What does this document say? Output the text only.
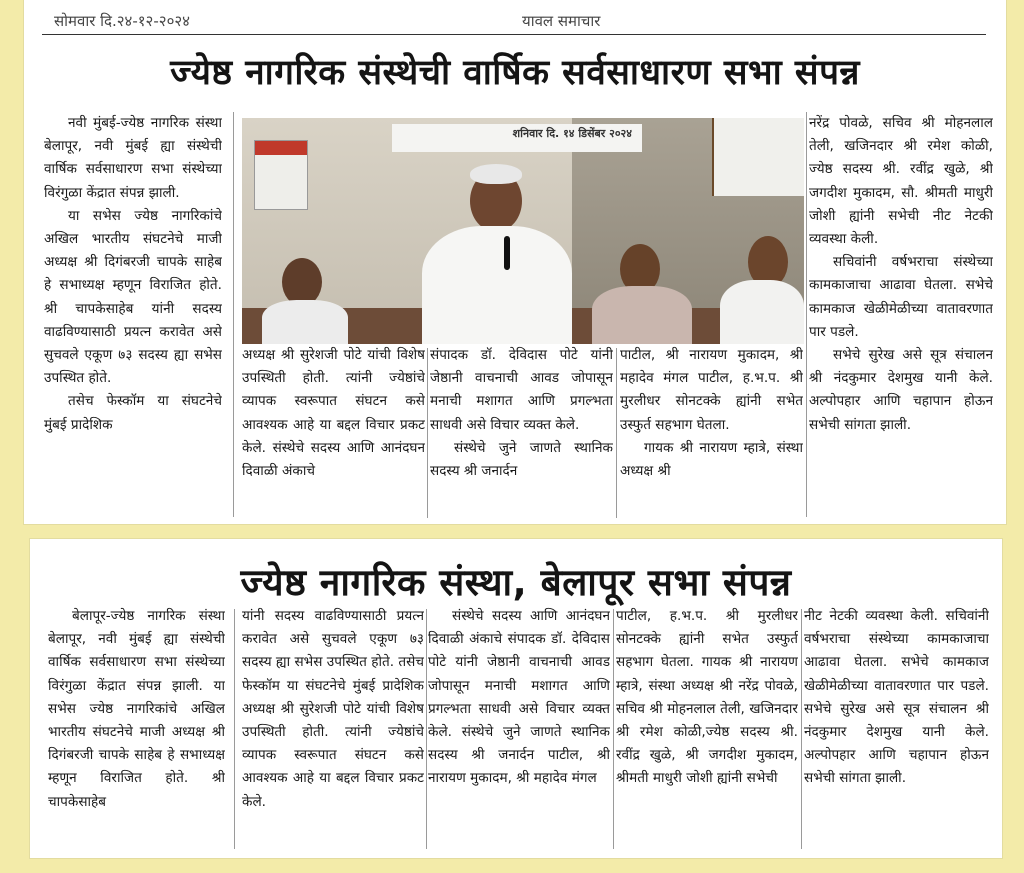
सोमवार दि.२४-१२-२०२४	यावल समाचार
ज्येष्ठ नागरिक संस्थेची वार्षिक सर्वसाधारण सभा संपन्न

नवी मुंबई-ज्येष्ठ नागरिक संस्था बेलापूर, नवी मुंबई ह्या संस्थेची वार्षिक सर्वसाधारण सभा संस्थेच्या विरंगुळा केंद्रात संपन्न झाली.

या सभेस ज्येष्ठ नागरिकांचे अखिल भारतीय संघटनेचे माजी अध्यक्ष श्री दिगंबरजी चापके साहेब हे सभाध्यक्ष म्हणून विराजित होते. श्री चापकेसाहेब यांनी सदस्य वाढविण्यासाठी प्रयत्न करावेत असे सुचवले एकूण ७३ सदस्य ह्या सभेस उपस्थित होते.

तसेच फेस्कॉम या संघटनेचे मुंबई प्रादेशिक

शनिवार दि. १४ डिसेंबर २०२४

अध्यक्ष श्री सुरेशजी पोटे यांची विशेष उपस्थिती होती. त्यांनी ज्येष्ठांचे व्यापक स्वरूपात संघटन कसे आवश्यक आहे या बद्दल विचार प्रकट केले. संस्थेचे सदस्य आणि आनंदघन दिवाळी अंकाचे

संपादक डॉ. देविदास पोटे यांनी जेष्ठानी वाचनाची आवड जोपासून मनाची मशागत आणि प्रगल्भता साधवी असे विचार व्यक्त केले.

संस्थेचे जुने जाणते स्थानिक सदस्य श्री जनार्दन

पाटील, श्री नारायण मुकादम, श्री महादेव मंगल पाटील, ह.भ.प. श्री मुरलीधर सोनटक्के ह्यांनी सभेत उस्फुर्त सहभाग घेतला.

गायक श्री नारायण म्हात्रे, संस्था अध्यक्ष श्री

नरेंद्र पोवळे, सचिव श्री मोहनलाल तेली, खजिनदार श्री रमेश कोळी, ज्येष्ठ सदस्य श्री. रवींद्र खुळे, श्री जगदीश मुकादम, सौ. श्रीमती माधुरी जोशी ह्यांनी सभेची नीट नेटकी व्यवस्था केली.

सचिवांनी वर्षभराचा संस्थेच्या कामकाजाचा आढावा घेतला. सभेचे कामकाज खेळीमेळीच्या वातावरणात पार पडले.

सभेचे सुरेख असे सूत्र संचालन श्री नंदकुमार देशमुख यानी केले. अल्पोपहार आणि चहापान होऊन सभेची सांगता झाली.

ज्येष्ठ नागरिक संस्था, बेलापूर सभा संपन्न

बेलापूर-ज्येष्ठ नागरिक संस्था बेलापूर, नवी मुंबई ह्या संस्थेची वार्षिक सर्वसाधारण सभा संस्थेच्या विरंगुळा केंद्रात संपन्न झाली. या सभेस ज्येष्ठ नागरिकांचे अखिल भारतीय संघटनेचे माजी अध्यक्ष श्री दिगंबरजी चापके साहेब हे सभाध्यक्ष म्हणून विराजित होते. श्री चापकेसाहेब

यांनी सदस्य वाढविण्यासाठी प्रयत्न करावेत असे सुचवले एकूण ७३ सदस्य ह्या सभेस उपस्थित होते. तसेच फेस्कॉम या संघटनेचे मुंबई प्रादेशिक अध्यक्ष श्री सुरेशजी पोटे यांची विशेष उपस्थिती होती. त्यांनी ज्येष्ठांचे व्यापक स्वरूपात संघटन कसे आवश्यक आहे या बद्दल विचार प्रकट केले.

संस्थेचे सदस्य आणि आनंदघन दिवाळी अंकाचे संपादक डॉ. देविदास पोटे यांनी जेष्ठानी वाचनाची आवड जोपासून मनाची मशागत आणि प्रगल्भता साधवी असे विचार व्यक्त केले. संस्थेचे जुने जाणते स्थानिक सदस्य श्री जनार्दन पाटील, श्री नारायण मुकादम, श्री महादेव मंगल

पाटील, ह.भ.प. श्री मुरलीधर सोनटक्के ह्यांनी सभेत उस्फुर्त सहभाग घेतला. गायक श्री नारायण म्हात्रे, संस्था अध्यक्ष श्री नरेंद्र पोवळे, सचिव श्री मोहनलाल तेली, खजिनदार श्री रमेश कोळी,ज्येष्ठ सदस्य श्री. रवींद्र खुळे, श्री जगदीश मुकादम, श्रीमती माधुरी जोशी ह्यांनी सभेची

नीट नेटकी व्यवस्था केली. सचिवांनी वर्षभराचा संस्थेच्या कामकाजाचा आढावा घेतला. सभेचे कामकाज खेळीमेळीच्या वातावरणात पार पडले. सभेचे सुरेख असे सूत्र संचालन श्री नंदकुमार देशमुख यानी केले. अल्पोपहार आणि चहापान होऊन सभेची सांगता झाली.
